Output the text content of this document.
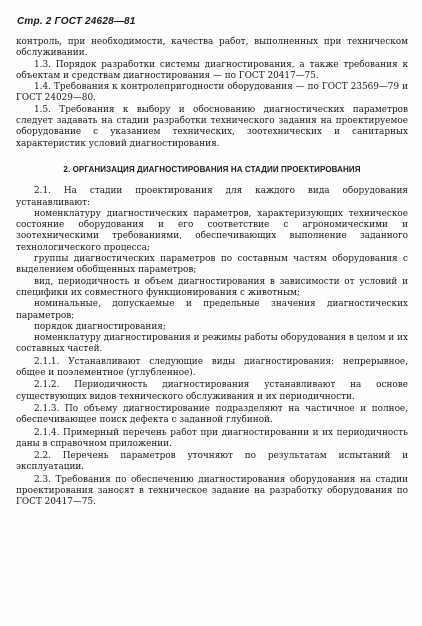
Стр. 2 ГОСТ 24628—81

контроль, при необходимости, качества работ, выполненных при техническом обслуживании.

1.3. Порядок разработки системы диагностирования, а также требования к объектам и средствам диагностирования — по ГОСТ 20417—75.

1.4. Требования к контролепригодности оборудования — по ГОСТ 23569—79 и ГОСТ 24029—80.

1.5. Требования к выбору и обоснованию диагностических параметров следует задавать на стадии разработки технического задания на проектируемое оборудование с указанием технических, зоотехнических и санитарных характеристик условий диагностирования.

2. ОРГАНИЗАЦИЯ ДИАГНОСТИРОВАНИЯ НА СТАДИИ ПРОЕКТИРОВАНИЯ

2.1. На стадии проектирования для каждого вида оборудования устанавливают:

номенклатуру диагностических параметров, характеризующих техническое состояние оборудования и его соответствие с агрономическими и зоотехническими требованиями, обеспечивающих выполнение заданного технологического процесса;

группы диагностических параметров по составным частям оборудования с выделением обобщенных параметров;

вид, периодичность и объем диагностирования в зависимости от условий и специфики их совместного функционирования с животным;

номинальные, допускаемые и предельные значения диагностических параметров;

порядок диагностирования;

номенклатуру диагностирования и режимы работы оборудования в целом и их составных частей.

2.1.1. Устанавливают следующие виды диагностирования: непрерывное, общее и поэлементное (углубленное).

2.1.2. Периодичность диагностирования устанавливают на основе существующих видов технического обслуживания и их периодичности.

2.1.3. По объему диагностирование подразделяют на частичное и полное, обеспечивающее поиск дефекта с заданной глубиной.

2.1.4. Примерный перечень работ при диагностировании и их периодичность даны в справочном приложении.

2.2. Перечень параметров уточняют по результатам испытаний и эксплуатации.

2.3. Требования по обеспечению диагностирования оборудования на стадии проектирования заносят в техническое задание на разработку оборудования по ГОСТ 20417—75.
